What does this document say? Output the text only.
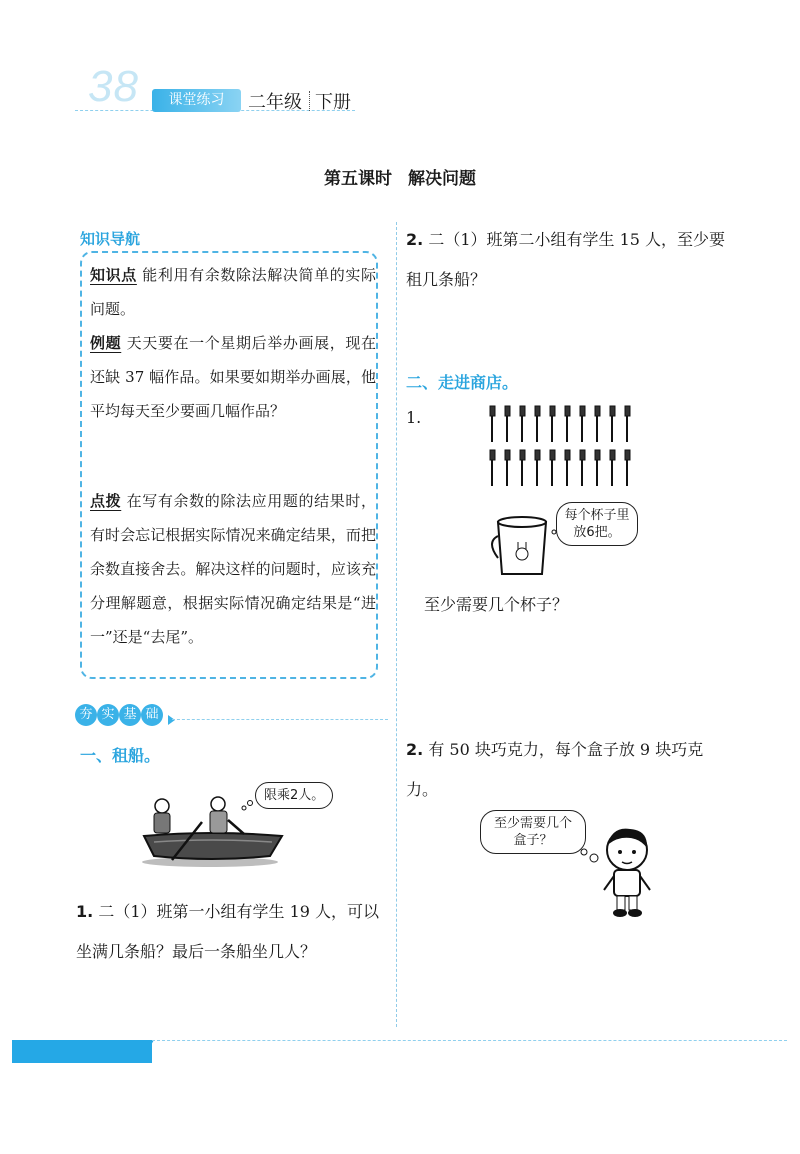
38	课堂练习	二年级 下册
第五课时 解决问题
知识导航
知识点 能利用有余数除法解决简单的实际问题。
例题 天天要在一个星期后举办画展，现在还缺 37 幅作品。如果要如期举办画展，他平均每天至少要画几幅作品？
点拨 在写有余数的除法应用题的结果时，有时会忘记根据实际情况来确定结果，而把余数直接舍去。解决这样的问题时，应该充分理解题意，根据实际情况确定结果是“进一”还是“去尾”。
夯 实 基 础
一、租船。
限乘2人。
1. 二（1）班第一小组有学生 19 人，可以坐满几条船？最后一条船坐几人？
2. 二（1）班第二小组有学生 15 人，至少要租几条船？
二、走进商店。
1.
每个杯子里放6把。
至少需要几个杯子？
2. 有 50 块巧克力，每个盒子放 9 块巧克力。
至少需要几个盒子？
